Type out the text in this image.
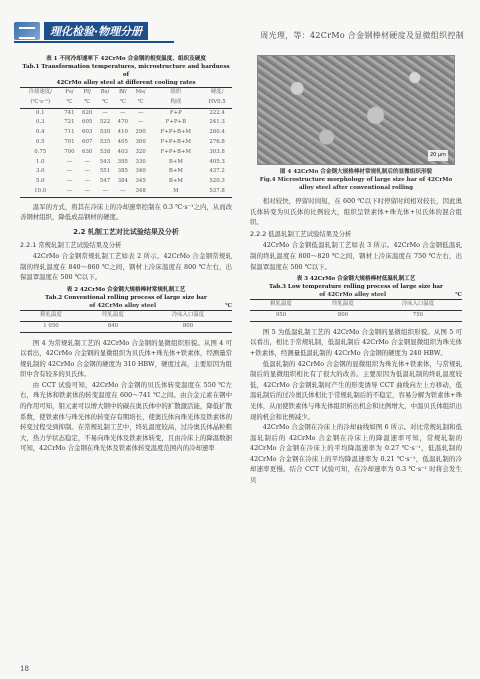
理化检验·物理分册	周光理，等：42CrMo 合金钢棒材硬度及显微组织控制
表 1 不同冷却速率下 42CrMo 合金钢的相变温度、组织及硬度
Tab.1 Transformation temperatures, microstructure and hardness of
42CrMo alloy steel at different cooling rates
冷却速度/	Fs/	Pf/	Bs/	Bf/	Ms/	组织	硬度/
(℃·s⁻¹)	℃	℃	℃	℃	℃	构成	HV0.5
0.1	741	620	—	—	—	F+P	222.4
0.3	721	605	522	470	—	F+P+B	241.3
0.4	711	603	530	410	290	F+P+B+M	280.4
0.5	701	607	535	405	300	F+P+B+M	276.8
0.75	700	630	538	403	320	F+P+B+M	303.8
1.0	—	—	543	395	330	B+M	405.3
3.0	—	—	551	385	340	B+M	437.2
5.0	—	—	547	384	345	B+M	520.3
10.0	—	—	—	—	348	M	537.8

温军的方式，将其在冷床上的冷却速率控制在 0.3 ℃·s⁻¹之内，从而改善钢材组织，降低成品钢材的硬度。

2.2 轧制工艺对比试验结果及分析
2.2.1 常规轧制工艺试验结果及分析

42CrMo 合金钢常规轧制工艺如表 2 所示。42CrMo 合金钢常规轧制的终轧温度在 840～860 ℃之间，钢材上冷床温度在 800 ℃左右，出保温罩温度在 500 ℃以下。

表 2 42CrMo 合金钢大规格棒材常规轧制工艺
Tab.2 Conventional rolling process of large size bar
of 42CrMo alloy steel	℃
粗轧温度	终轧温度	冷床入口温度
1 050	840	800

图 4 为常规轧制工艺的 42CrMo 合金钢的显微组织形貌。从图 4 可以看出，42CrMo 合金钢的显微组织为贝氏体+珠光体+铁素体，经测量常规轧制的 42CrMo 合金钢的硬度为 310 HBW，硬度过高，主要原因为组织中含有较多的贝氏体。

由 CCT 试验可知，42CrMo 合金钢的贝氏体转变温度在 550 ℃左右，珠光体和铁素体的转变温度在 600～741 ℃之间。由合金元素在钢中的作用可知，钼元素可以增大钢中的碳在奥氏体中的扩散激活能，降低扩散系数，使铁素体与珠光体的转变存有期培长，使奥氏体向珠光体及铁素体的转变过程受到抑制。在常规轧制工艺中，终轧温度较高，过冷奥氏体晶粒粗大，热力学状态稳定，不易向珠光体及铁素体转变，且由冷床上的降温数据可知，42CrMo 合金钢在珠光体及铁素体转变温度范围内的冷却速率

20 μm
图 4 42CrMo 合金钢大规格棒材常规轧制后的显微组织形貌
Fig.4 Microstructure morphology of large size bar of 42CrMo
alloy steel after conventional rolling

相对较快，停留时间短，在 600 ℃以下时停留时间相对较长，因此奥氏体转变为贝氏体的比例较大，组织呈铁素体+珠光体+贝氏体的混合组织。

2.2.2 低温轧制工艺试验结果及分析

42CrMo 合金钢低温轧制工艺如表 3 所示。42CrMo 合金钢低温轧制的终轧温度在 800～820 ℃之间，钢材上冷床温度在 750 ℃左右，出保温罩温度在 500 ℃以下。

表 3 42CrMo 合金钢大规格棒材低温轧制工艺
Tab.3 Low temperature rolling process of large size bar
of 42CrMo alloy steel	℃
粗轧温度	终轧温度	冷床入口温度
950	800	750

图 5 为低温轧制工艺的 42CrMo 合金钢的显微组织形貌。从图 5 可以看出，相比于常规轧制，低温轧制后 42CrMo 合金钢显微组织为珠光体+铁素体，经测量低温轧制的 42CrMo 合金钢的硬度为 240 HBW。

低温轧制的 42CrMo 合金钢的显微组织为珠光体+铁素体，与常规轧制后的显微组织相比有了很大的改善。主要原因为低温轧制的终轧温度较低，42CrMo 合金钢轧制时产生的形变诱导 CCT 曲线向左上方移动，低温轧制后的过冷奥氏体相比于常规轧制后的不稳定，容易分解为铁素体+珠光体，从而使铁素体与珠光体组织析出机会和比例增大，中温贝氏体组织出现的机会和比例减少。

42CrMo 合金钢在冷床上的冷却曲线如图 6 所示。对比常规轧制和低温轧制后的 42CrMo 合金钢在冷床上的降温速率可知，常规轧制的 42CrMo 合金钢在冷床上的平均降温速率为 0.27 ℃·s⁻¹，低温轧制的 42CrMo 合金钢在冷床上的平均降温速率为 0.21 ℃·s⁻¹，低温轧制的冷却速率更慢。结合 CCT 试验可知，在冷却速率为 0.3 ℃·s⁻¹ 时将会发生贝

18
